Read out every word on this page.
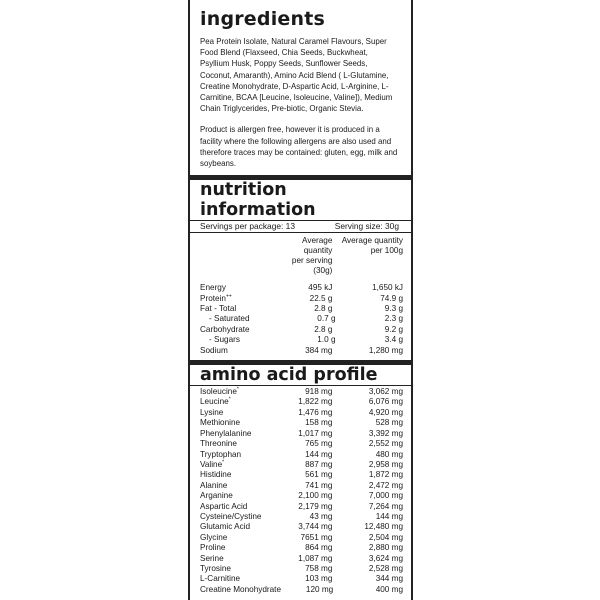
ingredients

Pea Protein Isolate, Natural Caramel Flavours, Super Food Blend (Flaxseed, Chia Seeds, Buckwheat, Psyllium Husk, Poppy Seeds, Sunflower Seeds, Coconut, Amaranth), Amino Acid Blend ( L-Glutamine, Creatine Monohydrate, D-Aspartic Acid, L-Arginine, L-Carnitine, BCAA [Leucine, Isoleucine, Valine]), Medium Chain Triglycerides, Pre-biotic, Organic Stevia.

Product is allergen free, however it is produced in a facility where the following allergens are also used and therefore traces may be contained: gluten, egg, milk and soybeans.

nutrition information
Servings per package: 13	Serving size: 30g
Average quantity
per serving (30g)
Average quantity
per 100g
Energy	495 kJ	1,650 kJ
Protein++	22.5 g	74.9 g
Fat - Total	2.8 g	9.3 g
- Saturated	0.7 g	2.3 g
Carbohydrate	2.8 g	9.2 g
- Sugars	1.0 g	3.4 g
Sodium	384 mg	1,280 mg
amino acid profile
Isoleucine*	918 mg	3,062 mg
Leucine*	1,822 mg	6,076 mg
Lysine	1,476 mg	4,920 mg
Methionine	158 mg	528 mg
Phenylalanine	1,017 mg	3,392 mg
Threonine	765 mg	2,552 mg
Tryptophan	144 mg	480 mg
Valine*	887 mg	2,958 mg
Histidine	561 mg	1,872 mg
Alanine	741 mg	2,472 mg
Arganine	2,100 mg	7,000 mg
Aspartic Acid	2,179 mg	7,264 mg
Cysteine/Cystine	43 mg	144 mg
Glutamic Acid	3,744 mg	12,480 mg
Glycine	7651 mg	2,504 mg
Proline	864 mg	2,880 mg
Serine	1,087 mg	3,624 mg
Tyrosine	758 mg	2,528 mg
L-Carnitine	103 mg	344 mg
Creatine Monohydrate	120 mg	400 mg
